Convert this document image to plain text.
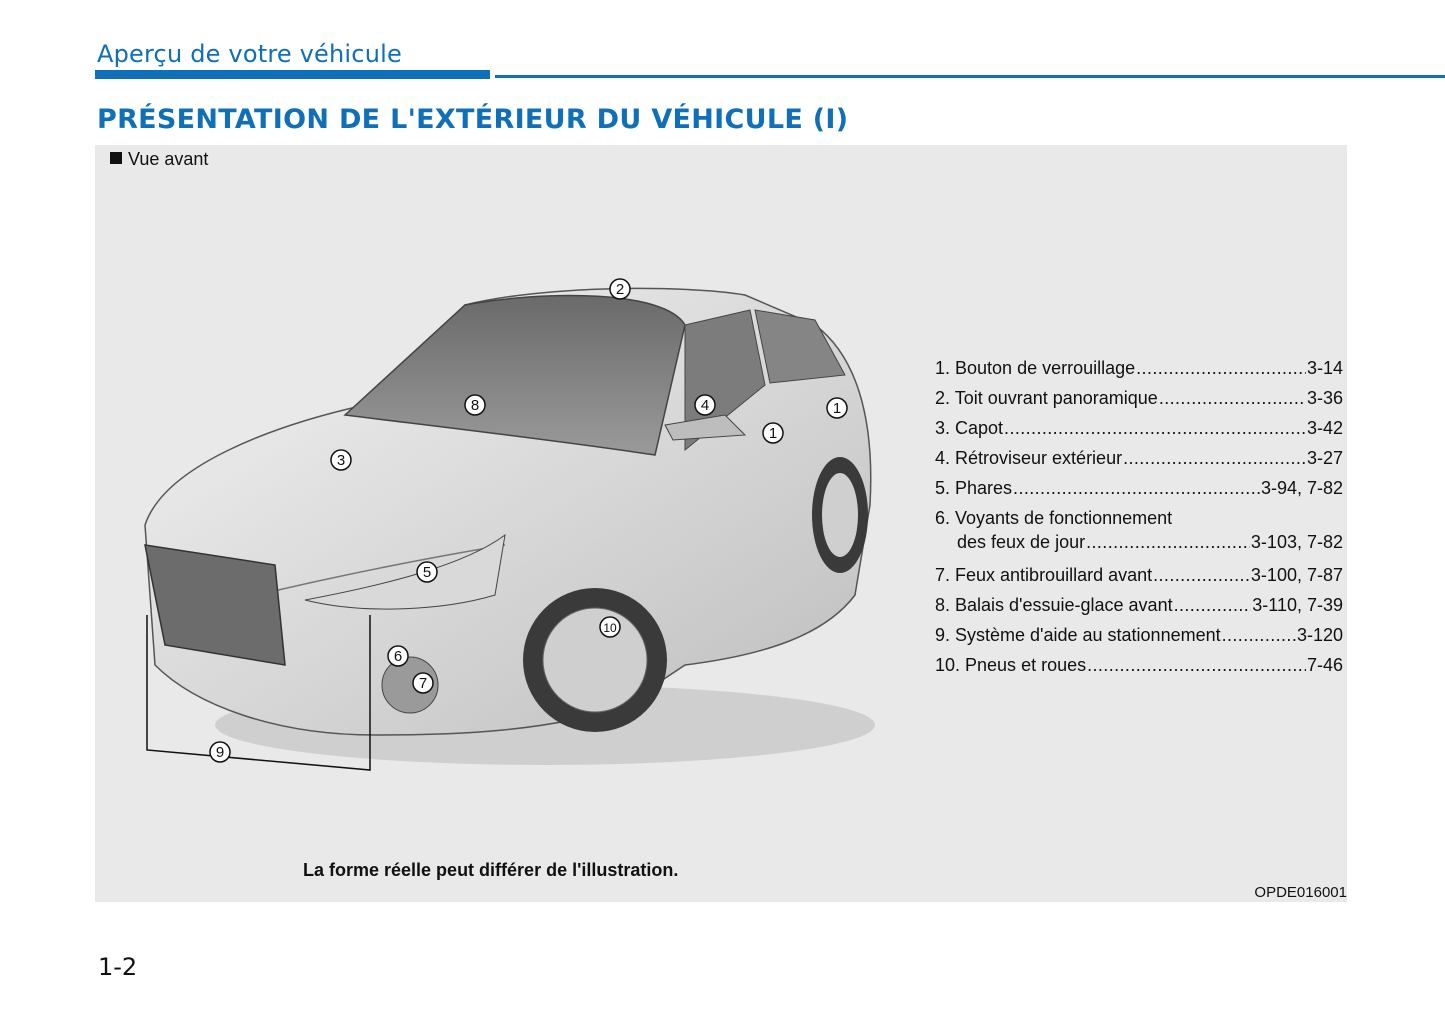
Aperçu de votre véhicule
PRÉSENTATION DE L'EXTÉRIEUR DU VÉHICULE (I)
Vue avant
2
8	4
1
1
3
5
10
6
7
9
1. Bouton de verrouillage .....	3-14
2. Toit ouvrant panoramique .....	3-36
3. Capot .....	3-42
4. Rétroviseur extérieur .....	3-27
5. Phares .....	3-94, 7-82
6. Voyants de fonctionnement
des feux de jour .....	3-103, 7-82
7. Feux antibrouillard avant .....	3-100, 7-87
8. Balais d'essuie-glace avant .....	3-110, 7-39
9. Système d'aide au stationnement .....	3-120
10. Pneus et roues .....	7-46
La forme réelle peut différer de l'illustration.
OPDE016001
1-2
